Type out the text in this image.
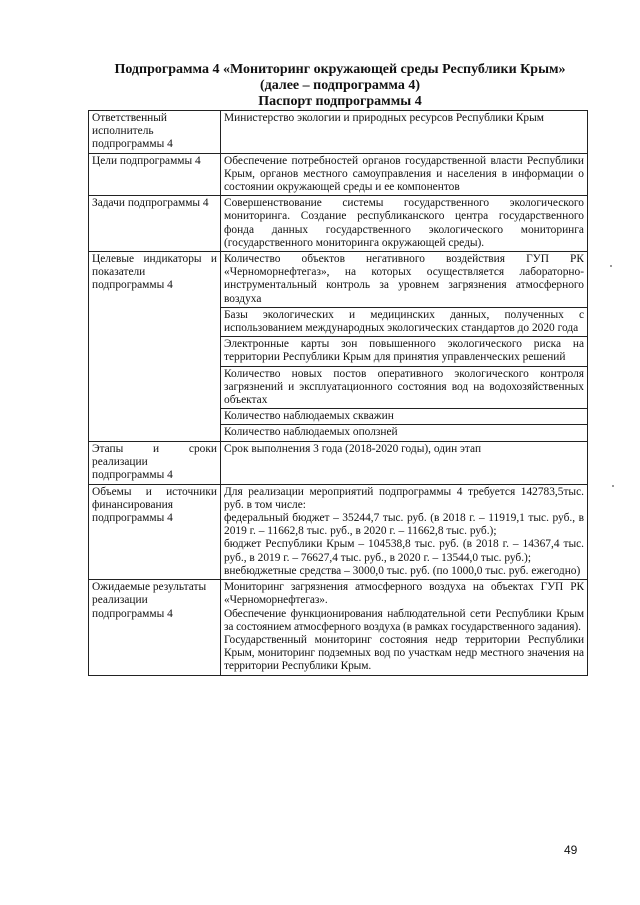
Подпрограмма 4 «Мониторинг окружающей среды Республики Крым»
(далее – подпрограмма 4)
Паспорт подпрограммы 4
Ответственный исполнитель подпрограммы 4	Министерство экологии и природных ресурсов Республики Крым
Цели подпрограммы 4	Обеспечение потребностей органов государственной власти Республики Крым, органов местного самоуправления и населения в информации о состоянии окружающей среды и ее компонентов
Задачи подпрограммы 4	Совершенствование системы государственного экологического мониторинга. Создание республиканского центра государственного фонда данных государственного экологического мониторинга (государственного мониторинга окружающей среды).
Целевые индикаторы и показатели подпрограммы 4	Количество объектов негативного воздействия ГУП РК «Черноморнефтегаз», на которых осуществляется лабораторно-инструментальный контроль за уровнем загрязнения атмосферного воздуха
	Базы экологических и медицинских данных, полученных с использованием международных экологических стандартов до 2020 года
	Электронные карты зон повышенного экологического риска на территории Республики Крым для принятия управленческих решений
	Количество новых постов оперативного экологического контроля загрязнений и эксплуатационного состояния вод на водохозяйственных объектах
	Количество наблюдаемых скважин
	Количество наблюдаемых оползней
Этапы и сроки реализации подпрограммы 4	Срок выполнения 3 года (2018-2020 годы), один этап
Объемы и источники финансирования подпрограммы 4	Для реализации мероприятий подпрограммы 4 требуется 142783,5тыс. руб. в том числе:
федеральный бюджет – 35244,7 тыс. руб. (в 2018 г. – 11919,1 тыс. руб., в 2019 г. – 11662,8 тыс. руб., в 2020 г. – 11662,8 тыс. руб.);
бюджет Республики Крым – 104538,8 тыс. руб. (в 2018 г. – 14367,4 тыс. руб., в 2019 г. – 76627,4 тыс. руб., в 2020 г. – 13544,0 тыс. руб.);
внебюджетные средства – 3000,0 тыс. руб. (по 1000,0 тыс. руб. ежегодно)

Ожидаемые результаты реализации подпрограммы 4	Мониторинг загрязнения атмосферного воздуха на объектах ГУП РК «Черноморнефтегаз».
Обеспечение функционирования наблюдательной сети Республики Крым за состоянием атмосферного воздуха (в рамках государственного задания).
Государственный мониторинг состояния недр территории Республики Крым, мониторинг подземных вод по участкам недр местного значения на территории Республики Крым.
49
